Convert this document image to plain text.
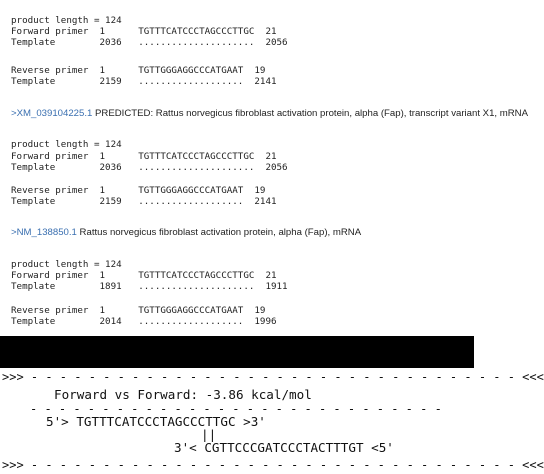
product length = 124
Forward primer  1      TGTTTCATCCCTAGCCCTTGC  21
Template        2036   .....................  2056
Reverse primer  1      TGTTGGGAGGCCCATGAAT  19
Template        2159   ...................  2141
>XM_039104225.1 PREDICTED: Rattus norvegicus fibroblast activation protein, alpha (Fap), transcript variant X1, mRNA
product length = 124
Forward primer  1      TGTTTCATCCCTAGCCCTTGC  21
Template        2036   .....................  2056
Reverse primer  1      TGTTGGGAGGCCCATGAAT  19
Template        2159   ...................  2141
>NM_138850.1 Rattus norvegicus fibroblast activation protein, alpha (Fap), mRNA
product length = 124
Forward primer  1      TGTTTCATCCCTAGCCCTTGC  21
Template        1891   .....................  1911
Reverse primer  1      TGTTGGGAGGCCCATGAAT  19
Template        2014   ...................  1996
>>> - - - - - - - - - - - - - - - - - - - - - - - - - - - - - - - - - - <<<
Forward vs Forward: -3.86 kcal/mol
- - - - - - - - - - - - - - - - - - - - - - - - - - - - -
5'> TGTTTCATCCCTAGCCCTTGC >3'
||
3'< CGTTCCCGATCCCTACTTTGT <5'
>>> - - - - - - - - - - - - - - - - - - - - - - - - - - - - - - - - - - <<<
